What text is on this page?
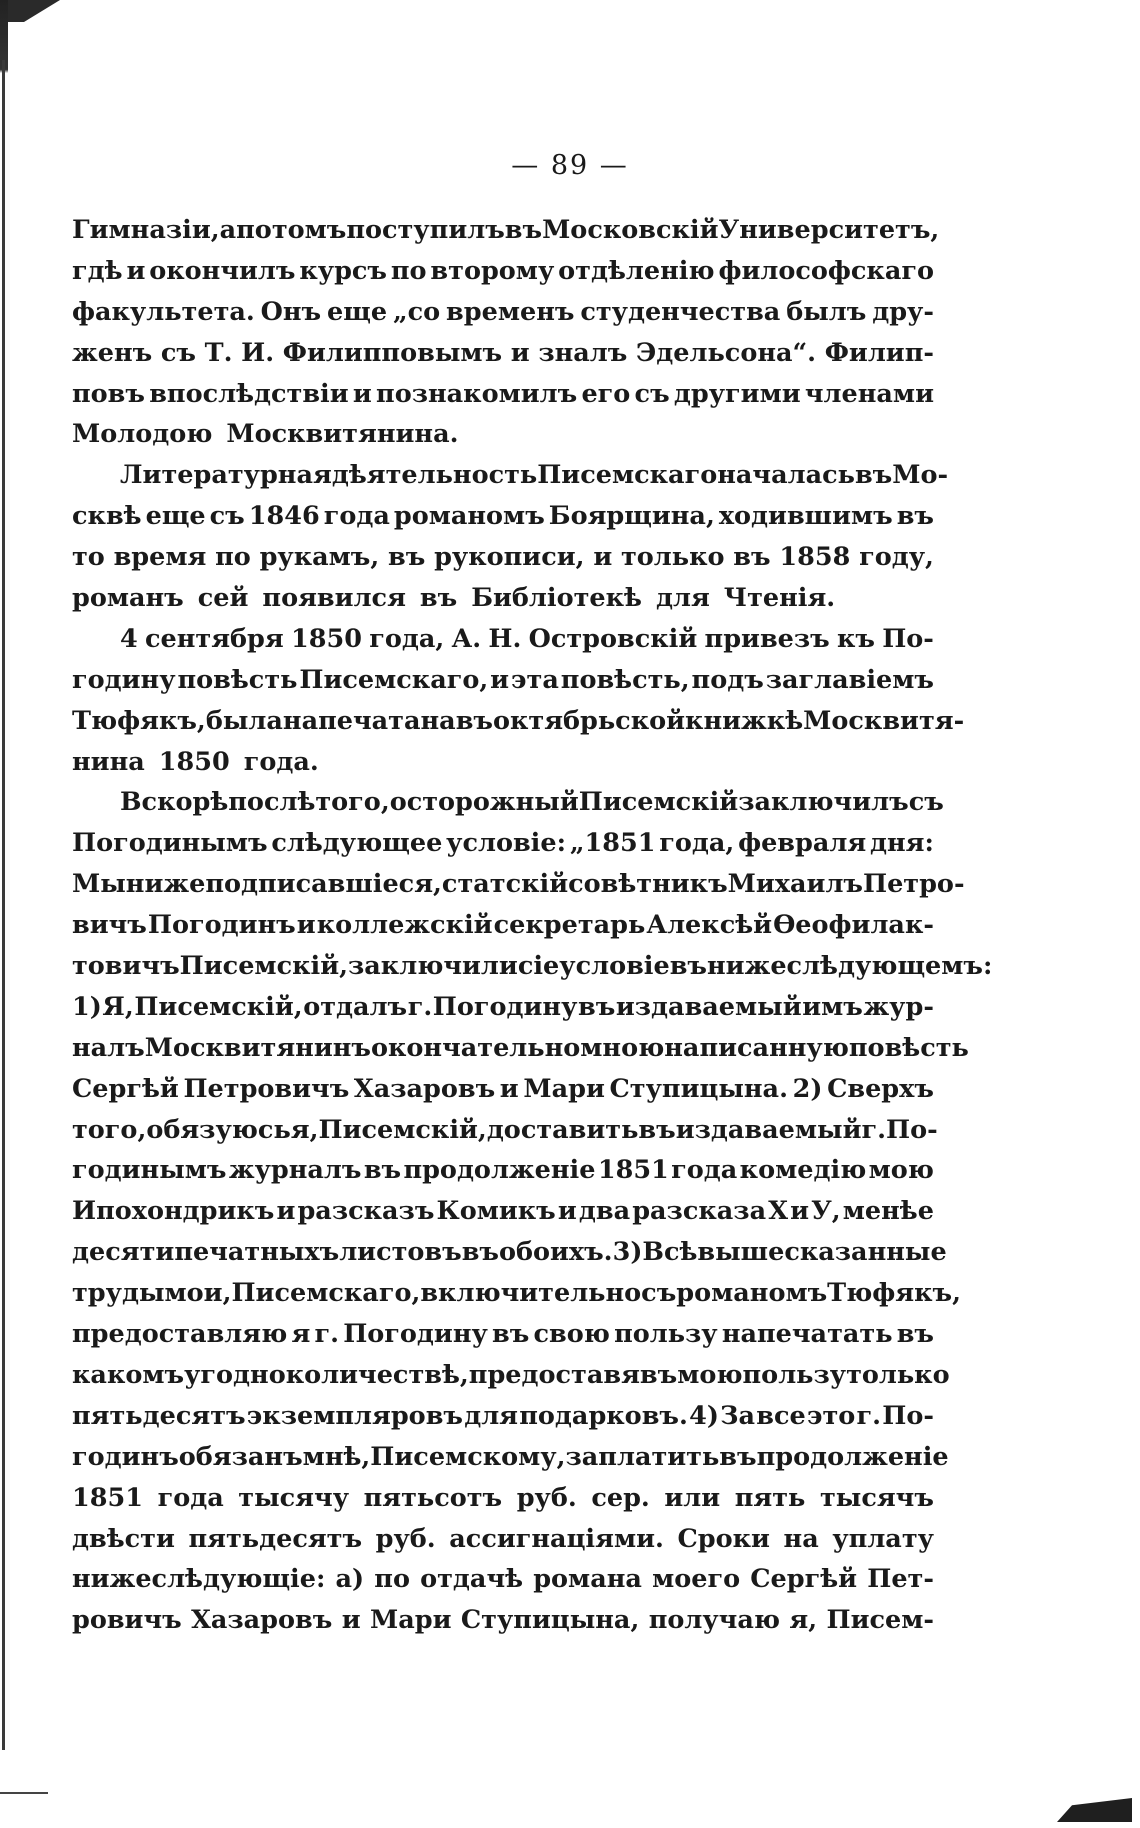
— 89 —
Гимназіи, а потомъ поступилъ въ Московскій Университетъ,
гдѣ и окончилъ курсъ по второму отдѣленію философскаго
факультета. Онъ еще „со временъ студенчества былъ дру-
женъ съ Т. И. Филипповымъ и зналъ Эдельсона“. Филип-
повъ впослѣдствіи и познакомилъ его съ другими членами
Молодою Москвитянина.
Литературная дѣятельность Писемскаго началась въ Мо-
сквѣ еще съ 1846 года романомъ Боярщина, ходившимъ въ
то время по рукамъ, въ рукописи, и только въ 1858 году,
романъ сей появился въ Библіотекѣ для Чтенія.
4 сентября 1850 года, А. Н. Островскій привезъ къ По-
годину повѣсть Писемскаго, и эта повѣсть, подъ заглавіемъ
Тюфякъ, была напечатана въ октябрьской книжкѣ Москвитя-
нина 1850 года.
Вскорѣ послѣ того, осторожный Писемскій заключилъ съ
Погодинымъ слѣдующее условіе: „1851 года, февраля дня:
Мы нижеподписавшіеся, статскій совѣтникъ Михаилъ Петро-
вичъ Погодинъ и коллежскій секретарь Алексѣй Ѳеофилак-
товичъ Писемскій, заключили сіе условіе въ нижеслѣдующемъ:
1) Я, Писемскій, отдалъ г. Погодину въ издаваемый имъ жур-
налъ Москвитянинъ окончательно мною написанную повѣсть
Сергѣй Петровичъ Хазаровъ и Мари Ступицына. 2) Сверхъ
того, обязуюсь я, Писемскій, доставить въ издаваемый г. По-
годинымъ журналъ въ продолженіе 1851 года комедію мою
Ипохондрикъ и разсказъ Комикъ и два разсказа X и У, менѣе
десяти печатныхъ листовъ въ обоихъ. 3) Всѣ вышесказанные
труды мои, Писемскаго, включительно съ романомъ Тюфякъ,
предоставляю я г. Погодину въ свою пользу напечатать въ
какомъ угодно количествѣ, предоставя въ мою пользу только
пятьдесятъ экземпляровъ для подарковъ. 4) За все это г. По-
годинъ обязанъ мнѣ, Писемскому, заплатить въ продолженіе
1851 года тысячу пятьсотъ руб. сер. или пять тысячъ
двѣсти пятьдесятъ руб. ассигнаціями. Сроки на уплату
нижеслѣдующіе: а) по отдачѣ романа моего Сергѣй Пет-
ровичъ Хазаровъ и Мари Ступицына, получаю я, Писем-
